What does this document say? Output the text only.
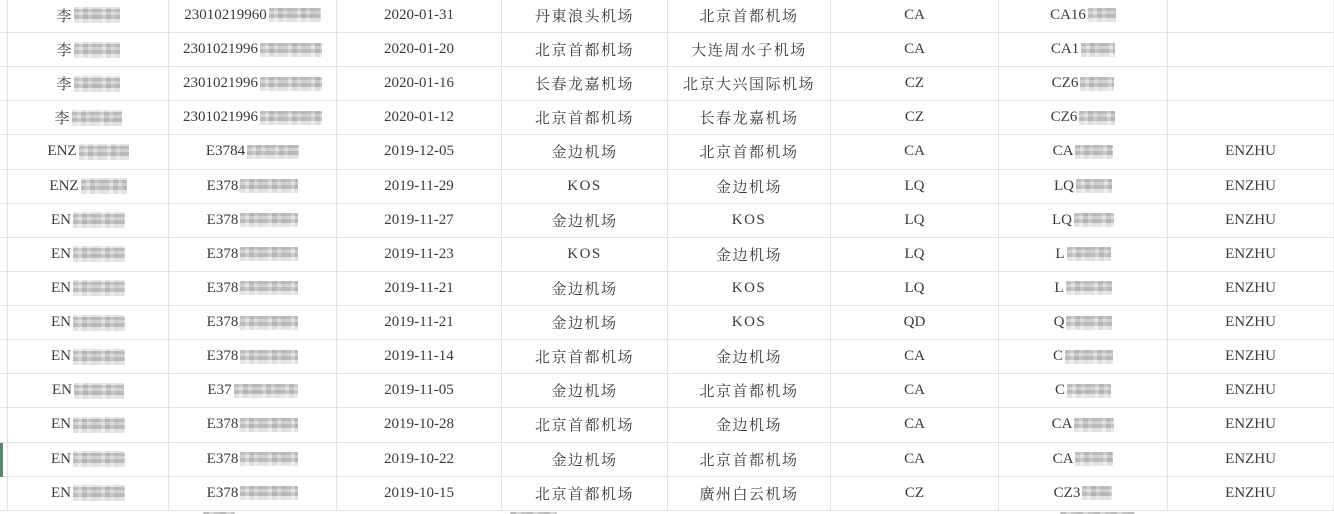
李	23010219960	2020-01-31	丹東浪头机场	北京首都机场	CA	CA16
李	2301021996	2020-01-20	北京首都机场	大连周水子机场	CA	CA1
李	2301021996	2020-01-16	长春龙嘉机场	北京大兴国际机场	CZ	CZ6
李	2301021996	2020-01-12	北京首都机场	长春龙嘉机场	CZ	CZ6
ENZ	E3784	2019-12-05	金边机场	北京首都机场	CA	CA	ENZHU
ENZ	E378	2019-11-29	KOS	金边机场	LQ	LQ	ENZHU
EN	E378	2019-11-27	金边机场	KOS	LQ	LQ	ENZHU
EN	E378	2019-11-23	KOS	金边机场	LQ	L	ENZHU
EN	E378	2019-11-21	金边机场	KOS	LQ	L	ENZHU
EN	E378	2019-11-21	金边机场	KOS	QD	Q	ENZHU
EN	E378	2019-11-14	北京首都机场	金边机场	CA	C	ENZHU
EN	E37	2019-11-05	金边机场	北京首都机场	CA	C	ENZHU
EN	E378	2019-10-28	北京首都机场	金边机场	CA	CA	ENZHU
EN	E378	2019-10-22	金边机场	北京首都机场	CA	CA	ENZHU
EN	E378	2019-10-15	北京首都机场	廣州白云机场	CZ	CZ3	ENZHU
